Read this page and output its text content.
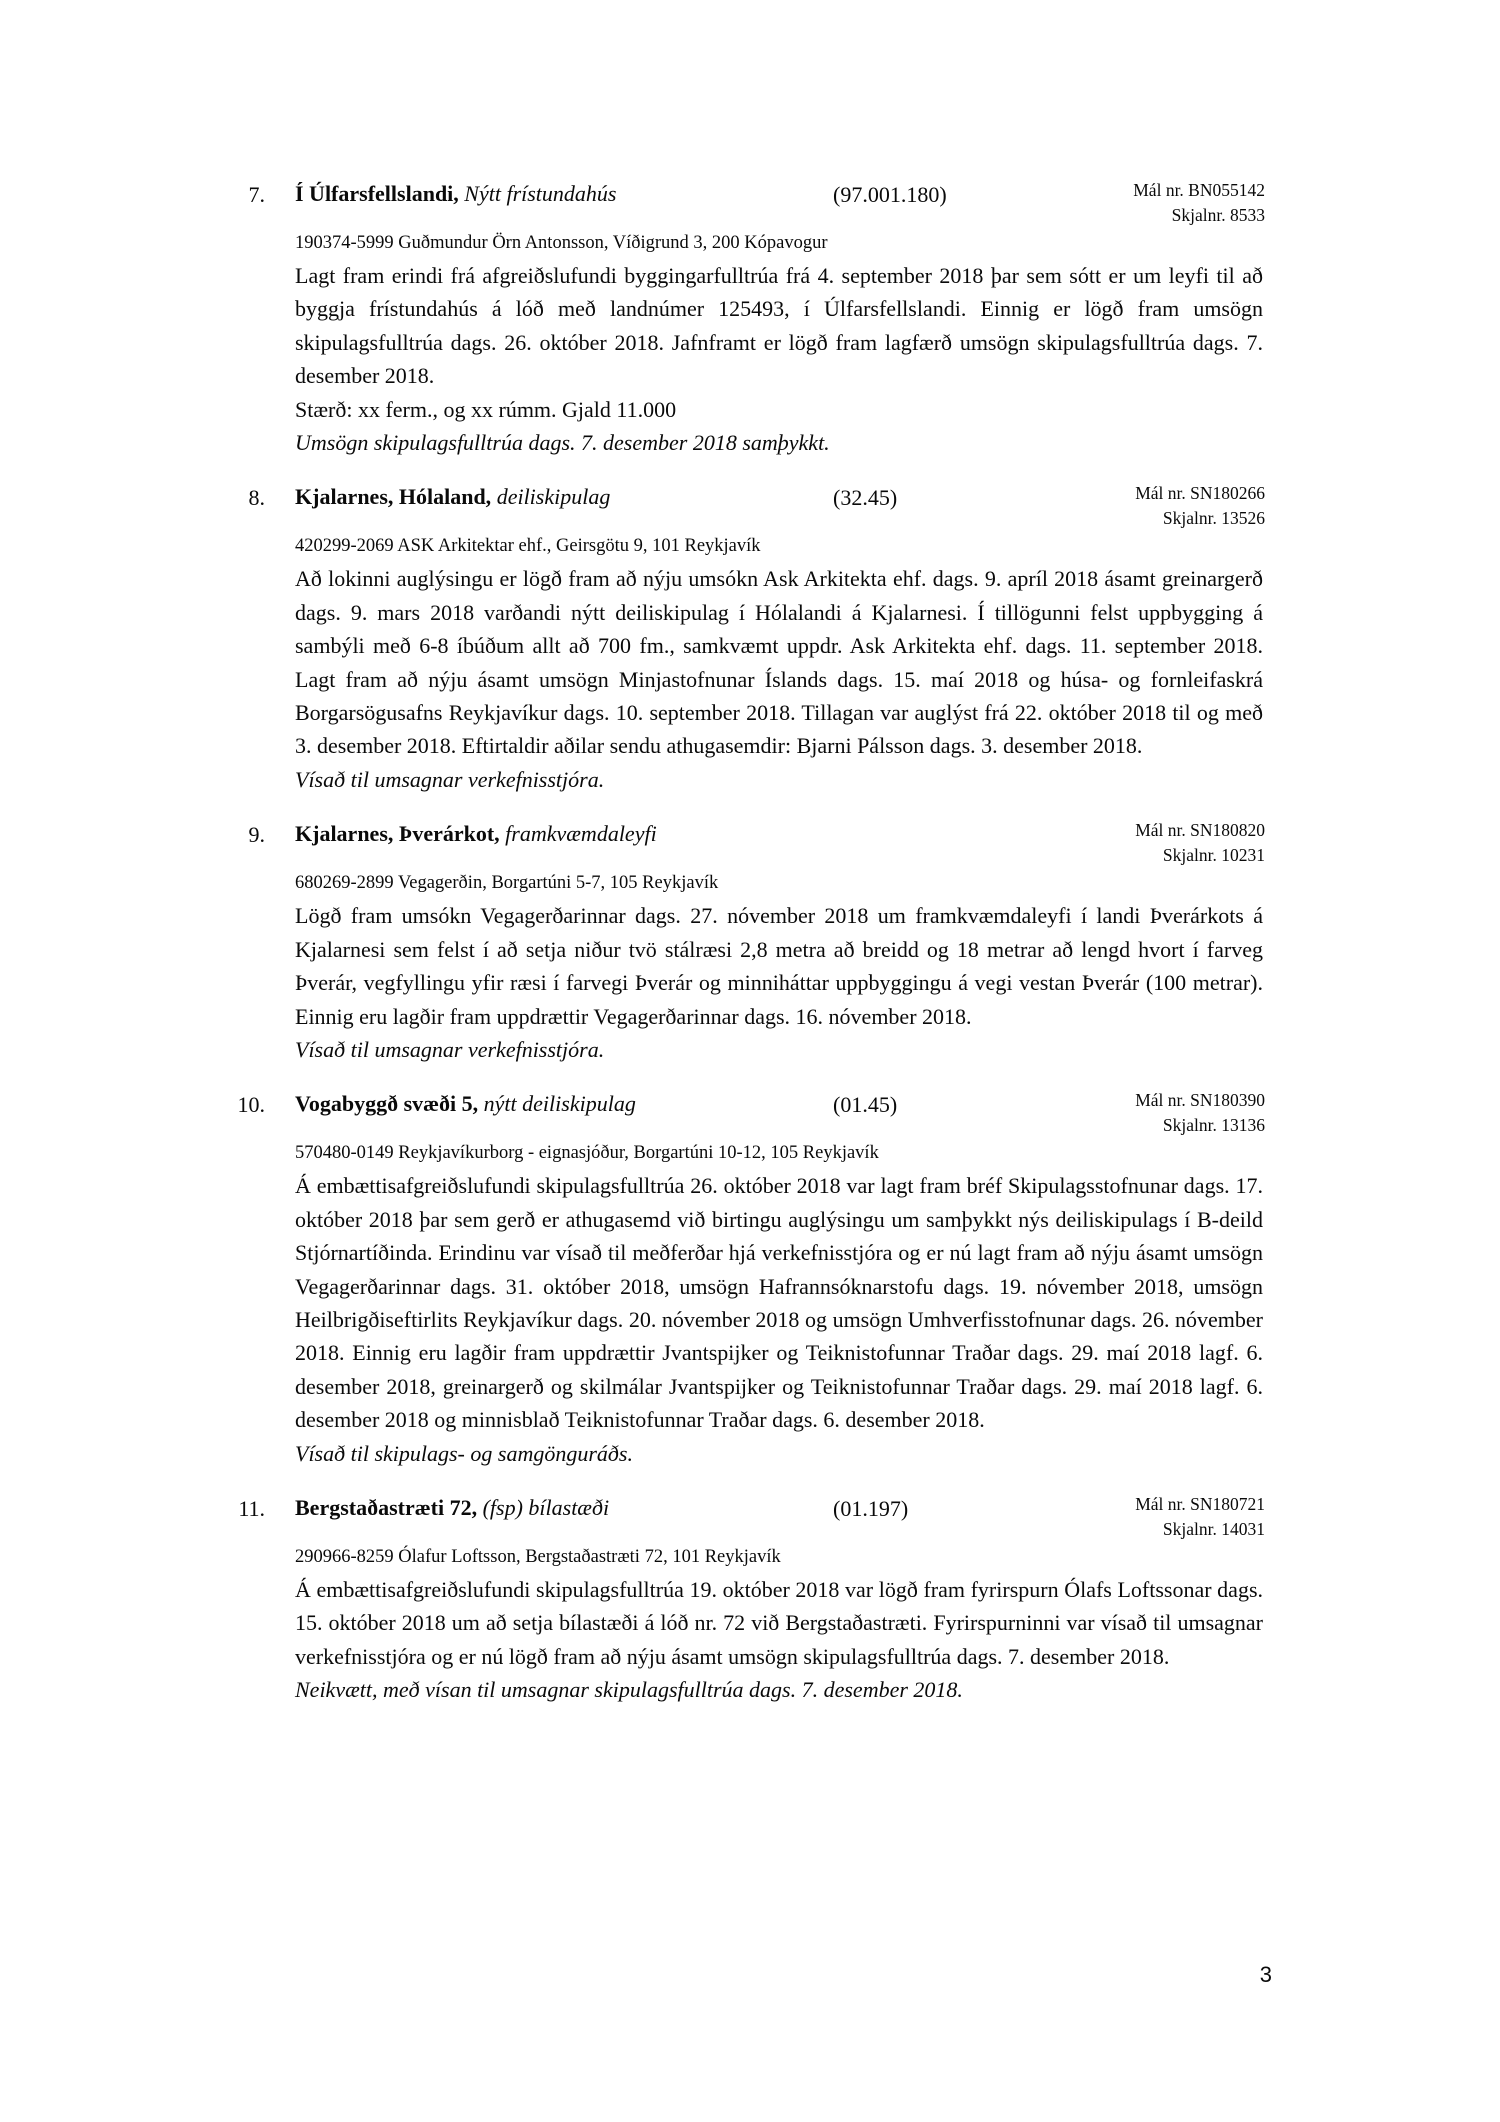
7. Í Úlfarsfellslandi, Nýtt frístundahús	(97.001.180)	Mál nr. BN055142
Skjalnr. 8533

190374-5999 Guðmundur Örn Antonsson, Víðigrund 3, 200 Kópavogur

Lagt fram erindi frá afgreiðslufundi byggingarfulltrúa frá 4. september 2018 þar sem sótt er um leyfi til að byggja frístundahús á lóð með landnúmer 125493, í Úlfarsfellslandi. Einnig er lögð fram umsögn skipulagsfulltrúa dags. 26. október 2018. Jafnframt er lögð fram lagfærð umsögn skipulagsfulltrúa dags. 7. desember 2018.

Stærð: xx ferm., og xx rúmm. Gjald 11.000

Umsögn skipulagsfulltrúa dags. 7. desember 2018 samþykkt.
8. Kjalarnes, Hólaland, deiliskipulag	(32.45)	Mál nr. SN180266
Skjalnr. 13526

420299-2069 ASK Arkitektar ehf., Geirsgötu 9, 101 Reykjavík

Að lokinni auglýsingu er lögð fram að nýju umsókn Ask Arkitekta ehf. dags. 9. apríl 2018 ásamt greinargerð dags. 9. mars 2018 varðandi nýtt deiliskipulag í Hólalandi á Kjalarnesi. Í tillögunni felst uppbygging á sambýli með 6-8 íbúðum allt að 700 fm., samkvæmt uppdr. Ask Arkitekta ehf. dags. 11. september 2018. Lagt fram að nýju ásamt umsögn Minjastofnunar Íslands dags. 15. maí 2018 og húsa- og fornleifaskrá Borgarsögusafns Reykjavíkur dags. 10. september 2018. Tillagan var auglýst frá 22. október 2018 til og með 3. desember 2018. Eftirtaldir aðilar sendu athugasemdir: Bjarni Pálsson dags. 3. desember 2018.

Vísað til umsagnar verkefnisstjóra.
9. Kjalarnes, Þverárkot, framkvæmdaleyfi	Mál nr. SN180820
Skjalnr. 10231

680269-2899 Vegagerðin, Borgartúni 5-7, 105 Reykjavík

Lögð fram umsókn Vegagerðarinnar dags. 27. nóvember 2018 um framkvæmdaleyfi í landi Þverárkots á Kjalarnesi sem felst í að setja niður tvö stálræsi 2,8 metra að breidd og 18 metrar að lengd hvort í farveg Þverár, vegfyllingu yfir ræsi í farvegi Þverár og minniháttar uppbyggingu á vegi vestan Þverár (100 metrar). Einnig eru lagðir fram uppdrættir Vegagerðarinnar dags. 16. nóvember 2018.

Vísað til umsagnar verkefnisstjóra.
10. Vogabyggð svæði 5, nýtt deiliskipulag	(01.45)	Mál nr. SN180390
Skjalnr. 13136

570480-0149 Reykjavíkurborg - eignasjóður, Borgartúni 10-12, 105 Reykjavík

Á embættisafgreiðslufundi skipulagsfulltrúa 26. október 2018 var lagt fram bréf Skipulagsstofnunar dags. 17. október 2018 þar sem gerð er athugasemd við birtingu auglýsingu um samþykkt nýs deiliskipulags í B-deild Stjórnartíðinda. Erindinu var vísað til meðferðar hjá verkefnisstjóra og er nú lagt fram að nýju ásamt umsögn Vegagerðarinnar dags. 31. október 2018, umsögn Hafrannsóknarstofu dags. 19. nóvember 2018, umsögn Heilbrigðiseftirlits Reykjavíkur dags. 20. nóvember 2018 og umsögn Umhverfisstofnunar dags. 26. nóvember 2018. Einnig eru lagðir fram uppdrættir Jvantspijker og Teiknistofunnar Traðar dags. 29. maí 2018 lagf. 6. desember 2018, greinargerð og skilmálar Jvantspijker og Teiknistofunnar Traðar dags. 29. maí 2018 lagf. 6. desember 2018 og minnisblað Teiknistofunnar Traðar dags. 6. desember 2018.

Vísað til skipulags- og samgönguráðs.
11. Bergstaðastræti 72, (fsp) bílastæði	(01.197)	Mál nr. SN180721
Skjalnr. 14031

290966-8259 Ólafur Loftsson, Bergstaðastræti 72, 101 Reykjavík

Á embættisafgreiðslufundi skipulagsfulltrúa 19. október 2018 var lögð fram fyrirspurn Ólafs Loftssonar dags. 15. október 2018 um að setja bílastæði á lóð nr. 72 við Bergstaðastræti. Fyrirspurninni var vísað til umsagnar verkefnisstjóra og er nú lögð fram að nýju ásamt umsögn skipulagsfulltrúa dags. 7. desember 2018.

Neikvætt, með vísan til umsagnar skipulagsfulltrúa dags. 7. desember 2018.
3
